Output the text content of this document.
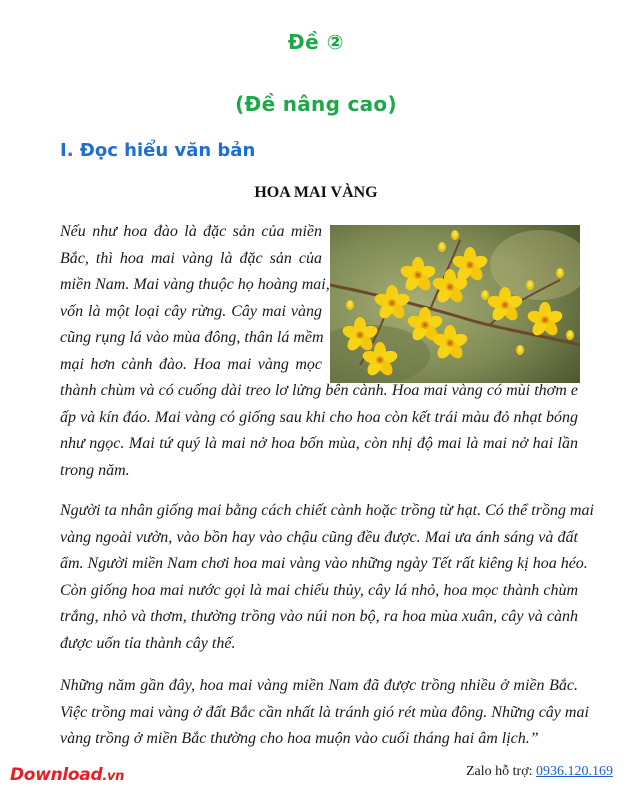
Đề ②
(Đề nâng cao)
I. Đọc hiểu văn bản
HOA MAI VÀNG
Nếu như hoa đào là đặc sản của miền
Bắc, thì hoa mai vàng là đặc sản của
miền Nam. Mai vàng thuộc họ hoàng mai,
vốn là một loại cây rừng. Cây mai vàng
cũng rụng lá vào mùa đông, thân lá mềm
mại hơn cành đào. Hoa mai vàng mọc
thành chùm và có cuống dài treo lơ lửng bên cành. Hoa mai vàng có mùi thơm e
ấp và kín đáo. Mai vàng có giống sau khi cho hoa còn kết trái màu đỏ nhạt bóng
như ngọc. Mai tứ quý là mai nở hoa bốn mùa, còn nhị độ mai là mai nở hai lần
trong năm.
Người ta nhân giống mai bằng cách chiết cành hoặc trồng từ hạt. Có thể trồng mai
vàng ngoài vườn, vào bồn hay vào chậu cũng đều được. Mai ưa ánh sáng và đất
ẩm. Người miền Nam chơi hoa mai vàng vào những ngày Tết rất kiêng kị hoa héo.
Còn giống hoa mai nước gọi là mai chiếu thủy, cây lá nhỏ, hoa mọc thành chùm
trắng, nhỏ và thơm, thường trồng vào núi non bộ, ra hoa mùa xuân, cây và cành
được uốn tỉa thành cây thế.
Những năm gần đây, hoa mai vàng miền Nam đã được trồng nhiều ở miền Bắc.
Việc trồng mai vàng ở đất Bắc cần nhất là tránh gió rét mùa đông. Những cây mai
vàng trồng ở miền Bắc thường cho hoa muộn vào cuối tháng hai âm lịch.”
Download.vn	Zalo hỗ trợ: 0936.120.169
